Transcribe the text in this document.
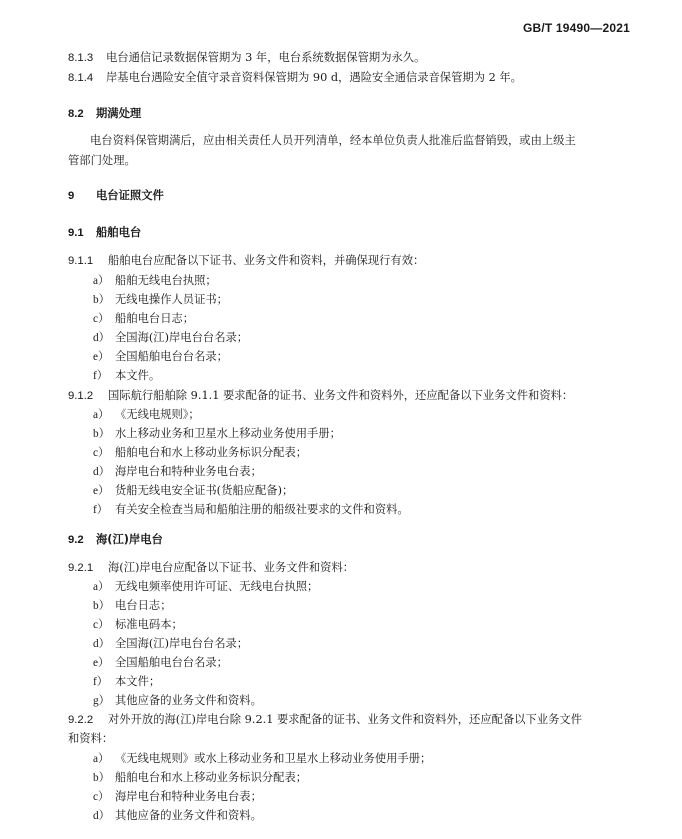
GB/T 19490—2021
8.1.3 电台通信记录数据保管期为 3 年，电台系统数据保管期为永久。
8.1.4 岸基电台遇险安全值守录音资料保管期为 90 d，遇险安全通信录音保管期为 2 年。
8.2 期满处理
电台资料保管期满后，应由相关责任人员开列清单，经本单位负责人批准后监督销毁，或由上级主
管部门处理。
9 电台证照文件
9.1 船舶电台
9.1.1 船舶电台应配备以下证书、业务文件和资料，并确保现行有效：
a） 船舶无线电台执照；
b） 无线电操作人员证书；
c） 船舶电台日志；
d） 全国海(江)岸电台台名录；
e） 全国船舶电台台名录；
f） 本文件。
9.1.2 国际航行船舶除 9.1.1 要求配备的证书、业务文件和资料外，还应配备以下业务文件和资料：
a） 《无线电规则》；
b） 水上移动业务和卫星水上移动业务使用手册；
c） 船舶电台和水上移动业务标识分配表；
d） 海岸电台和特种业务电台表；
e） 货船无线电安全证书(货船应配备)；
f） 有关安全检查当局和船舶注册的船级社要求的文件和资料。
9.2 海(江)岸电台
9.2.1 海(江)岸电台应配备以下证书、业务文件和资料：
a） 无线电频率使用许可证、无线电台执照；
b） 电台日志；
c） 标准电码本；
d） 全国海(江)岸电台台名录；
e） 全国船舶电台台名录；
f） 本文件；
g） 其他应备的业务文件和资料。
9.2.2 对外开放的海(江)岸电台除 9.2.1 要求配备的证书、业务文件和资料外，还应配备以下业务文件
和资料：
a） 《无线电规则》或水上移动业务和卫星水上移动业务使用手册；
b） 船舶电台和水上移动业务标识分配表；
c） 海岸电台和特种业务电台表；
d） 其他应备的业务文件和资料。
